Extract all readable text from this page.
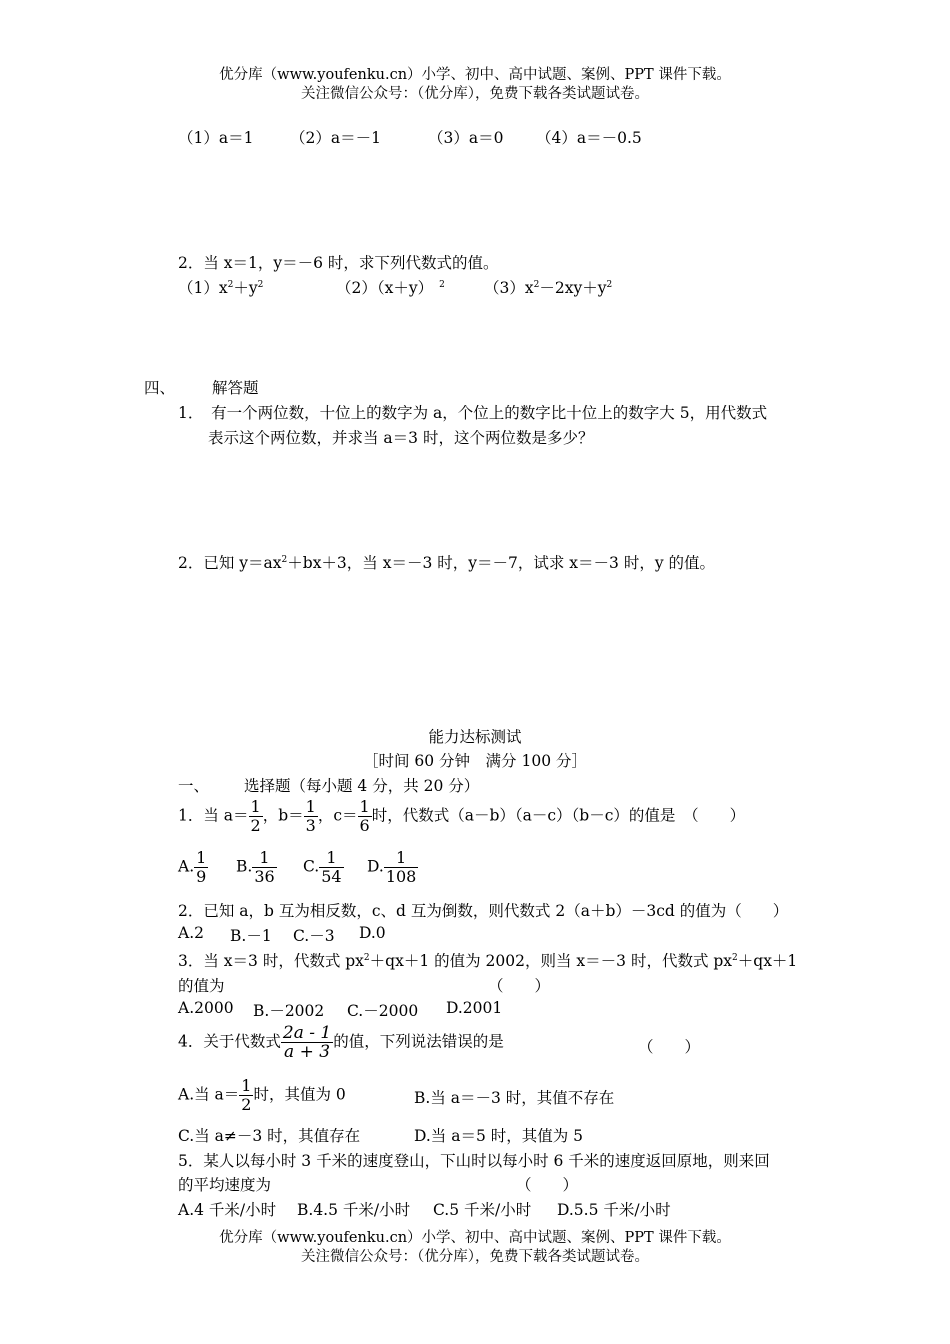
优分库（www.youfenku.cn）小学、初中、高中试题、案例、PPT 课件下载。
关注微信公众号：（优分库），免费下载各类试题试卷。
（1）a＝1 （2）a＝－1	（3）a＝0 （4）a＝－0.5
2．当 x＝1，y＝－6 时，求下列代数式的值。
$(1)x^2+y^2$	（2）（x＋y） $^2$	$(3)x^2-2xy+y^2$
四、 解答题
1．　有一个两位数，十位上的数字为 a，个位上的数字比十位上的数字大 5，用代数式
表示这个两位数，并求当 a＝3 时，这个两位数是多少？
2．已知 $y=ax^2+bx+3$，当 x＝－3 时，y＝－7，试求 x＝－3 时，y 的值。
能力达标测试
［时间 60 分钟　满分 100 分］
一、 选择题（每小题 4 分，共 20 分）
1．当 $a= \frac{1}{2}$ ，$b= \frac{1}{3}$ ，$c= \frac{1}{6}$ 时，代数式（a－b）（a－c）（b－c）的值是　（　　）
A. $\frac{1}{9} B$. $\frac{1}{36} C$. $\frac{1}{54} D$. $\frac{1}{108}$
2．已知 a，b 互为相反数，c、d 互为倒数，则代数式 2（a＋b）－3cd 的值为（　　）
A.2 B.－1 C.－3 D.0
3．当 x＝3 时，代数式 $px^2+qx+1$ 的值为 2002，则当 x＝－3 时，代数式 $px^2+qx+1$
的值为	（　　）
A.2000 B.－2002 C.－2000 D.2001
4．关于代数式 $\frac{2a - 1}{a + 3}$ 的值，下列说法错误的是	（　　）
A.当 $a= \frac{1}{2}$ 时，其值为 0	B.当 a＝－3 时，其值不存在
C.当 a≠－3 时，其值存在	D.当 a＝5 时，其值为 5
5．某人以每小时 3 千米的速度登山，下山时以每小时 6 千米的速度返回原地，则来回
的平均速度为	（　　）
A.4 千米/小时 B.4.5 千米/小时 C.5 千米/小时 D.5.5 千米/小时
优分库（www.youfenku.cn）小学、初中、高中试题、案例、PPT 课件下载。
关注微信公众号：（优分库），免费下载各类试题试卷。
